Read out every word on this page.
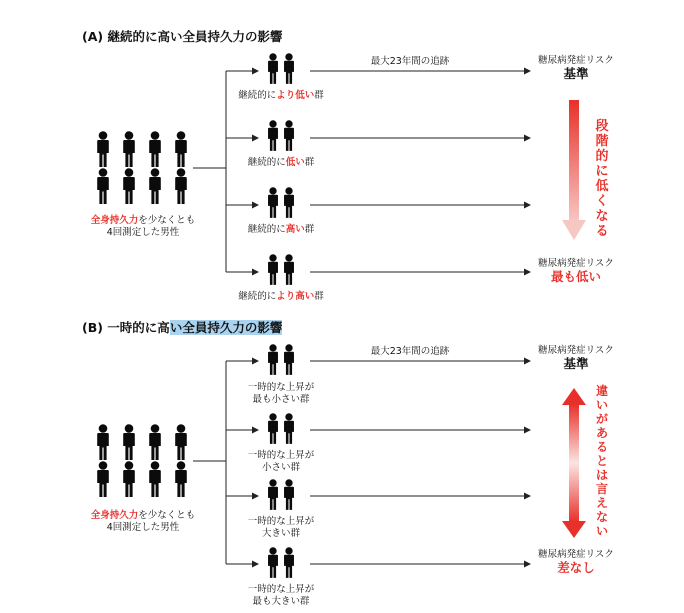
(A) 継続的に高い全員持久力の影響
全身持久力を少なくとも
4回測定した男性
最大23年間の追跡
継続的により低い群
継続的に低い群
継続的に高い群
継続的により高い群
糖尿病発症リスク
基準
糖尿病発症リスク
最も低い
段
階
的
に
低
く
な
る
(B) 一時的に高い全員持久力の影響
全身持久力を少なくとも
4回測定した男性
最大23年間の追跡
一時的な上昇が
最も小さい群
一時的な上昇が
小さい群
一時的な上昇が
大きい群
一時的な上昇が
最も大きい群
糖尿病発症リスク
基準
糖尿病発症リスク
差なし
違
い
が
あ
る
と
は
言
え
な
い
